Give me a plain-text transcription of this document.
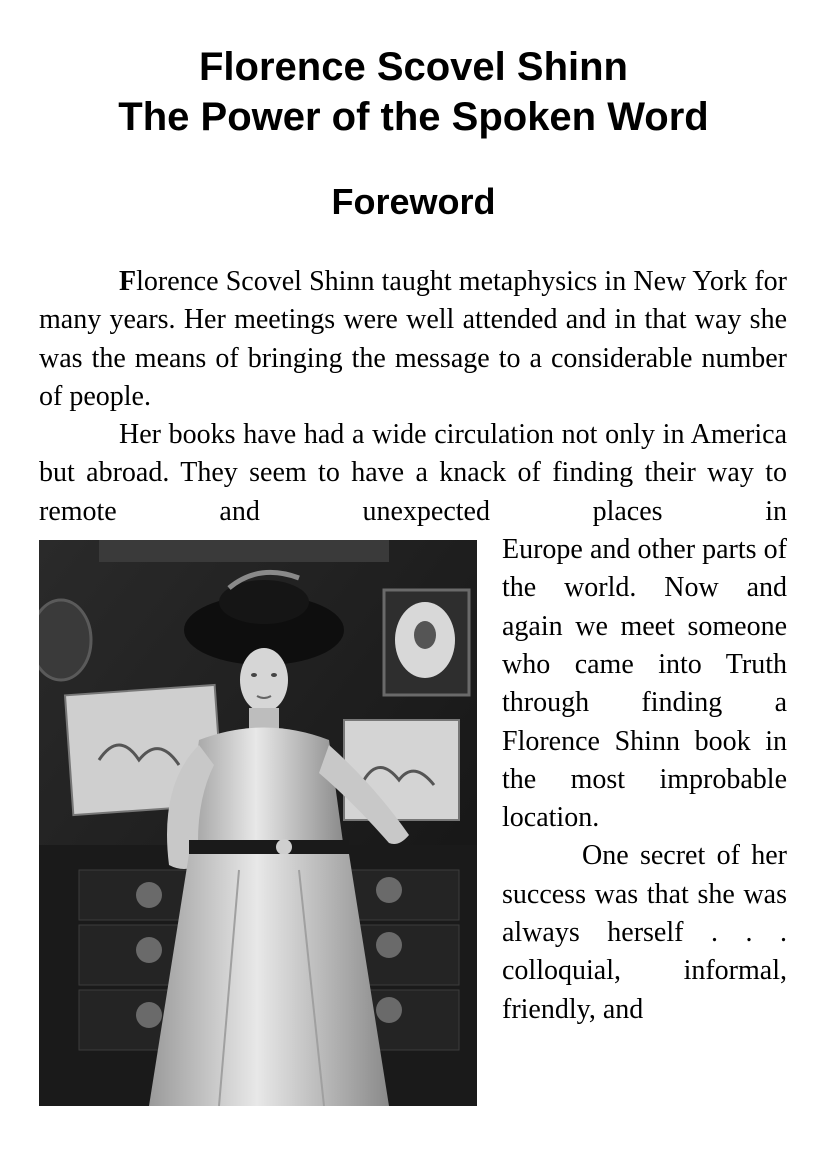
Florence Scovel Shinn
The Power of the Spoken Word
Foreword

Florence Scovel Shinn taught metaphysics in New York for many years. Her meetings were well attended and in that way she was the means of bringing the message to a considerable number of people.

Her books have had a wide circulation not only in America but abroad. They seem to have a knack of finding their way to remote and unexpected places in

Europe and other parts of the world. Now and again we meet someone who came into Truth through finding a Florence Shinn book in the most improbable location.

One secret of her success was that she was always herself . . . colloquial, informal, friendly, and
